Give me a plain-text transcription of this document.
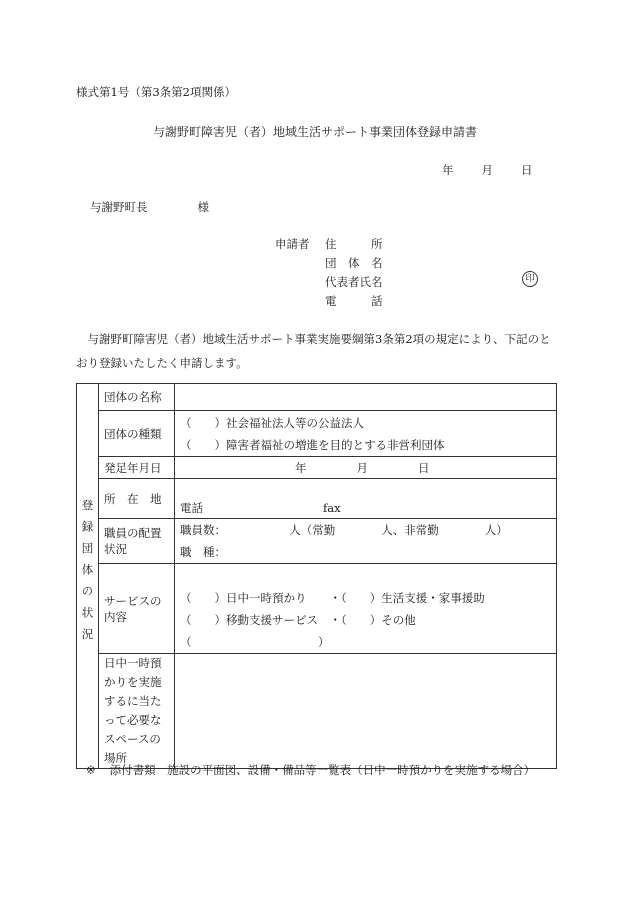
様式第1号（第3条第2項関係）
与謝野町障害児（者）地域生活サポート事業団体登録申請書
年 月 日
与謝野町長	様
申請者 住　　　所
団　体　名
代表者氏名
電　　　話
印
　与謝野町障害児（者）地域生活サポート事業実施要綱第3条第2項の規定により、下記のとおり登録いたしたく申請します。
登録団体の状況	団体の名称	
	団体の種類	（　　）社会福祉法人等の公益法人
（　　）障害者福祉の増進を目的とする非営利団体

	発足年月日	年 月 日
	所　在　地	電話 fax
	職員の配置状況	職員数：　　　　　　人（常勤　　　　人、非常勤　　　　人）
職　種：

	サービスの内容	（　　）日中一時預かり　　・（　　）生活支援・家事援助
（　　）移動支援サービス　・（　　）その他（　　　　　　　　　　　）

	日中一時預かりを実施するに当たって必要なスペースの場所	
※ 添付書類　施設の平面図、設備・備品等一覧表（日中一時預かりを実施する場合）
